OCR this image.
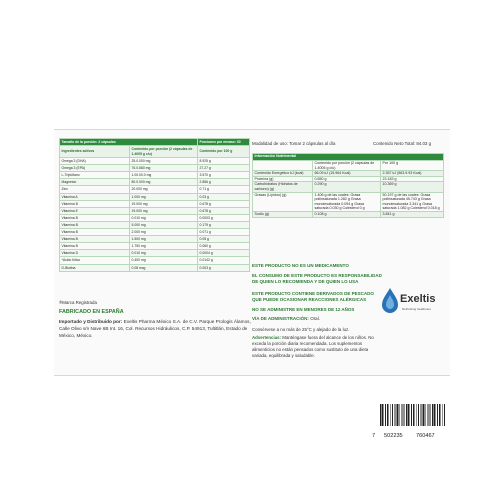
Tamaño de la porción: 2 cápsulas		Porciones por envase: 30
Ingredientes activos	Contenido por porción (2 cápsulas de 1.4005 g c/u)	Contenido por 100 g
Omega 3 (DHA)	25.0.000 mg	8.925 g
Omega 3 (EPA)	76.0.680 mg	27.27 g
L-Triptófano	1.00.00.0 mg	3.570 g
Magnesio	80.0.000 mg	2.856 g
Zinc	20.000 mg	0.71 g
Vitamina A	1.000 mg	0.03 g
Vitamina B	19.000 mg	0.678 g
Vitamina E	19.000 mg	0.678 g
Vitamina B	0.010 mg	0.0003 g
Vitamina B	5.000 mg	0.179 g
Vitamina B	2.000 mg	0.071 g
Vitamina B	1.500 mg	0.05 g
Vitamina B	1.750 mg	0.060 g
Vitamina D	0.010 mg	0.0004 g
*Ácido fólico	0.400 mg	0.0142 g
D-Biotina	0.08 mcg	0.003 g
®Marca Registrada
FABRICADO EN ESPAÑA
Importado y Distribuido por: Exeltis Pharma México S.A. de C.V. Parque Prologis Álamos, Calle Olivo s/n Nave 6B Int. 16, Col. Recursos Hidráulicos, C.P. 54913, Tultitlán, Estado de México, México.
Modalidad de uso: Tomar 2 cápsulas al día	Contenido Neto Total: 84.03 g
Información Nutrimental		
	Contenido por porción (2 cápsulas de 1.4005 g c/u)	Por 100 g
Contenido Energético kJ (kcal)	66.09 kJ (15.964 Kcal)	2.357 kJ (563.9.93 Kcal)
Proteína (g)	0.650 g	23.183 g
Carbohidratos (Hidratos de carbono) (g)	0.290 g	10.369 g
Grasas (Lípidos) (g)	1.406 g de las cuales: Grasa poliinsaturada 1.282 g Grasa monoinsaturada 0.094 g Grasa saturada 0.030 g Colesterol 0 g	50.197 g de las cuales: Grasa poliinsaturada 45.743 g Grasa monoinsaturada 3.341 g Grasa saturada 1.082 g Colesterol 0.018 g
Sodio (g)	0.108 g	3.841 g
ESTE PRODUCTO NO ES UN MEDICAMENTO
EL CONSUMO DE ESTE PRODUCTO ES RESPONSABILIDAD DE QUIEN LO RECOMIENDA Y DE QUIEN LO USA
ESTE PRODUCTO CONTIENE DERIVADOS DE PESCADO QUE PUEDE OCASIONAR REACCIONES ALÉRGICAS
NO SE ADMINISTRE EN MENORES DE 12 AÑOS
VÍA DE ADMINISTRACIÓN: Oral.
Consérvese a no más de 25°C y alejado de la luz.
Advertencias: Manténgase fuera del alcance de los niños. No exceda la porción diaria recomendada. Los suplementos alimenticios no están pensados como sustituto de una dieta variada, equilibrada y saludable.
Exeltis
Rethinking healthcare
7 502235 760467
